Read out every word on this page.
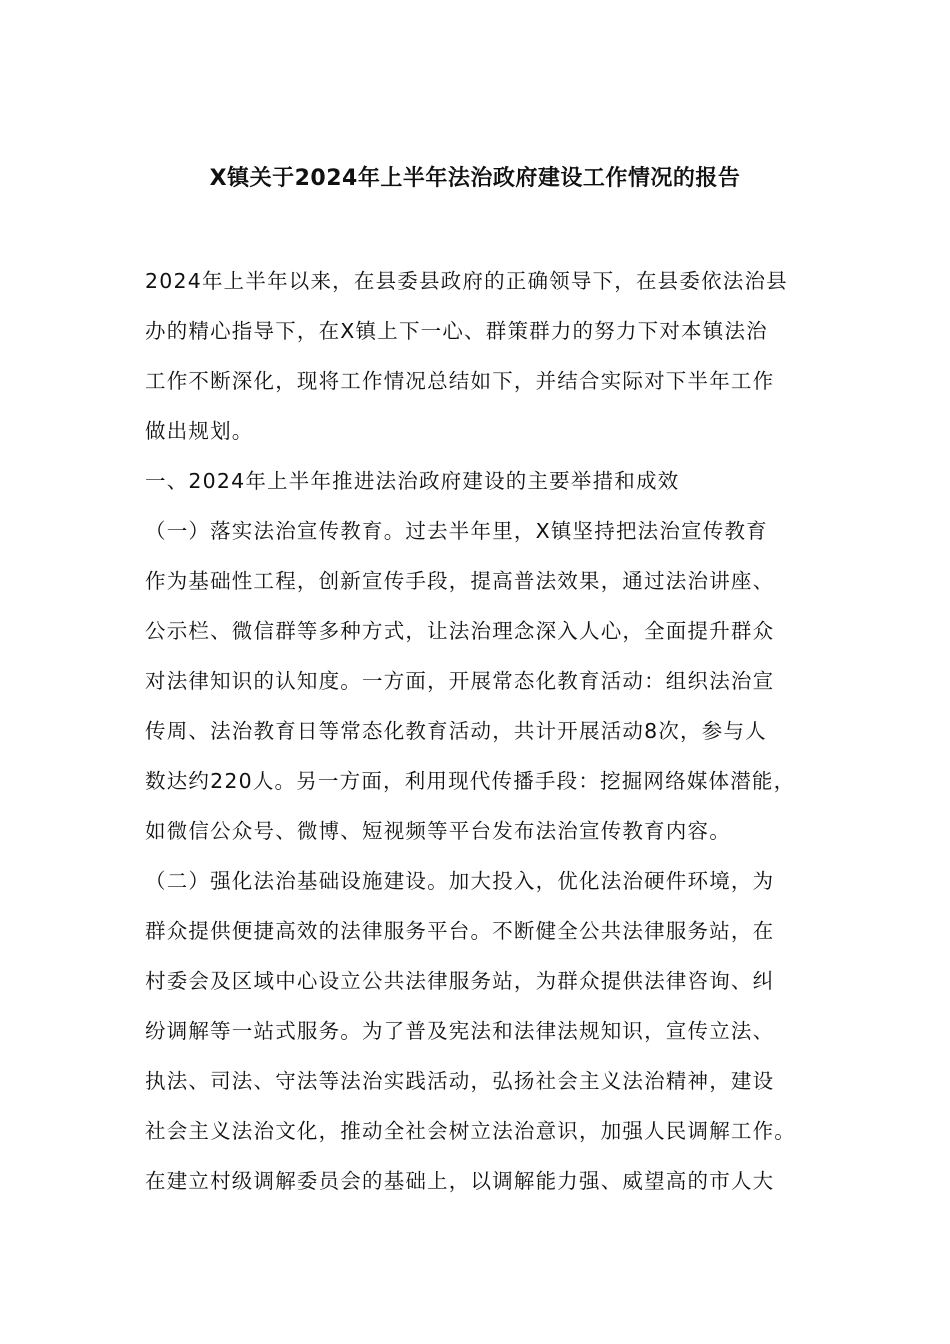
X镇关于2024年上半年法治政府建设工作情况的报告
2024年上半年以来，在县委县政府的正确领导下，在县委依法治县
办的精心指导下，在X镇上下一心、群策群力的努力下对本镇法治
工作不断深化，现将工作情况总结如下，并结合实际对下半年工作
做出规划。
一、2024年上半年推进法治政府建设的主要举措和成效
（一）落实法治宣传教育。过去半年里，X镇坚持把法治宣传教育
作为基础性工程，创新宣传手段，提高普法效果，通过法治讲座、
公示栏、微信群等多种方式，让法治理念深入人心，全面提升群众
对法律知识的认知度。一方面，开展常态化教育活动：组织法治宣
传周、法治教育日等常态化教育活动，共计开展活动8次，参与人
数达约220人。另一方面，利用现代传播手段：挖掘网络媒体潜能，
如微信公众号、微博、短视频等平台发布法治宣传教育内容。
（二）强化法治基础设施建设。加大投入，优化法治硬件环境，为
群众提供便捷高效的法律服务平台。不断健全公共法律服务站，在
村委会及区域中心设立公共法律服务站，为群众提供法律咨询、纠
纷调解等一站式服务。为了普及宪法和法律法规知识，宣传立法、
执法、司法、守法等法治实践活动，弘扬社会主义法治精神，建设
社会主义法治文化，推动全社会树立法治意识，加强人民调解工作。
在建立村级调解委员会的基础上，以调解能力强、威望高的市人大
